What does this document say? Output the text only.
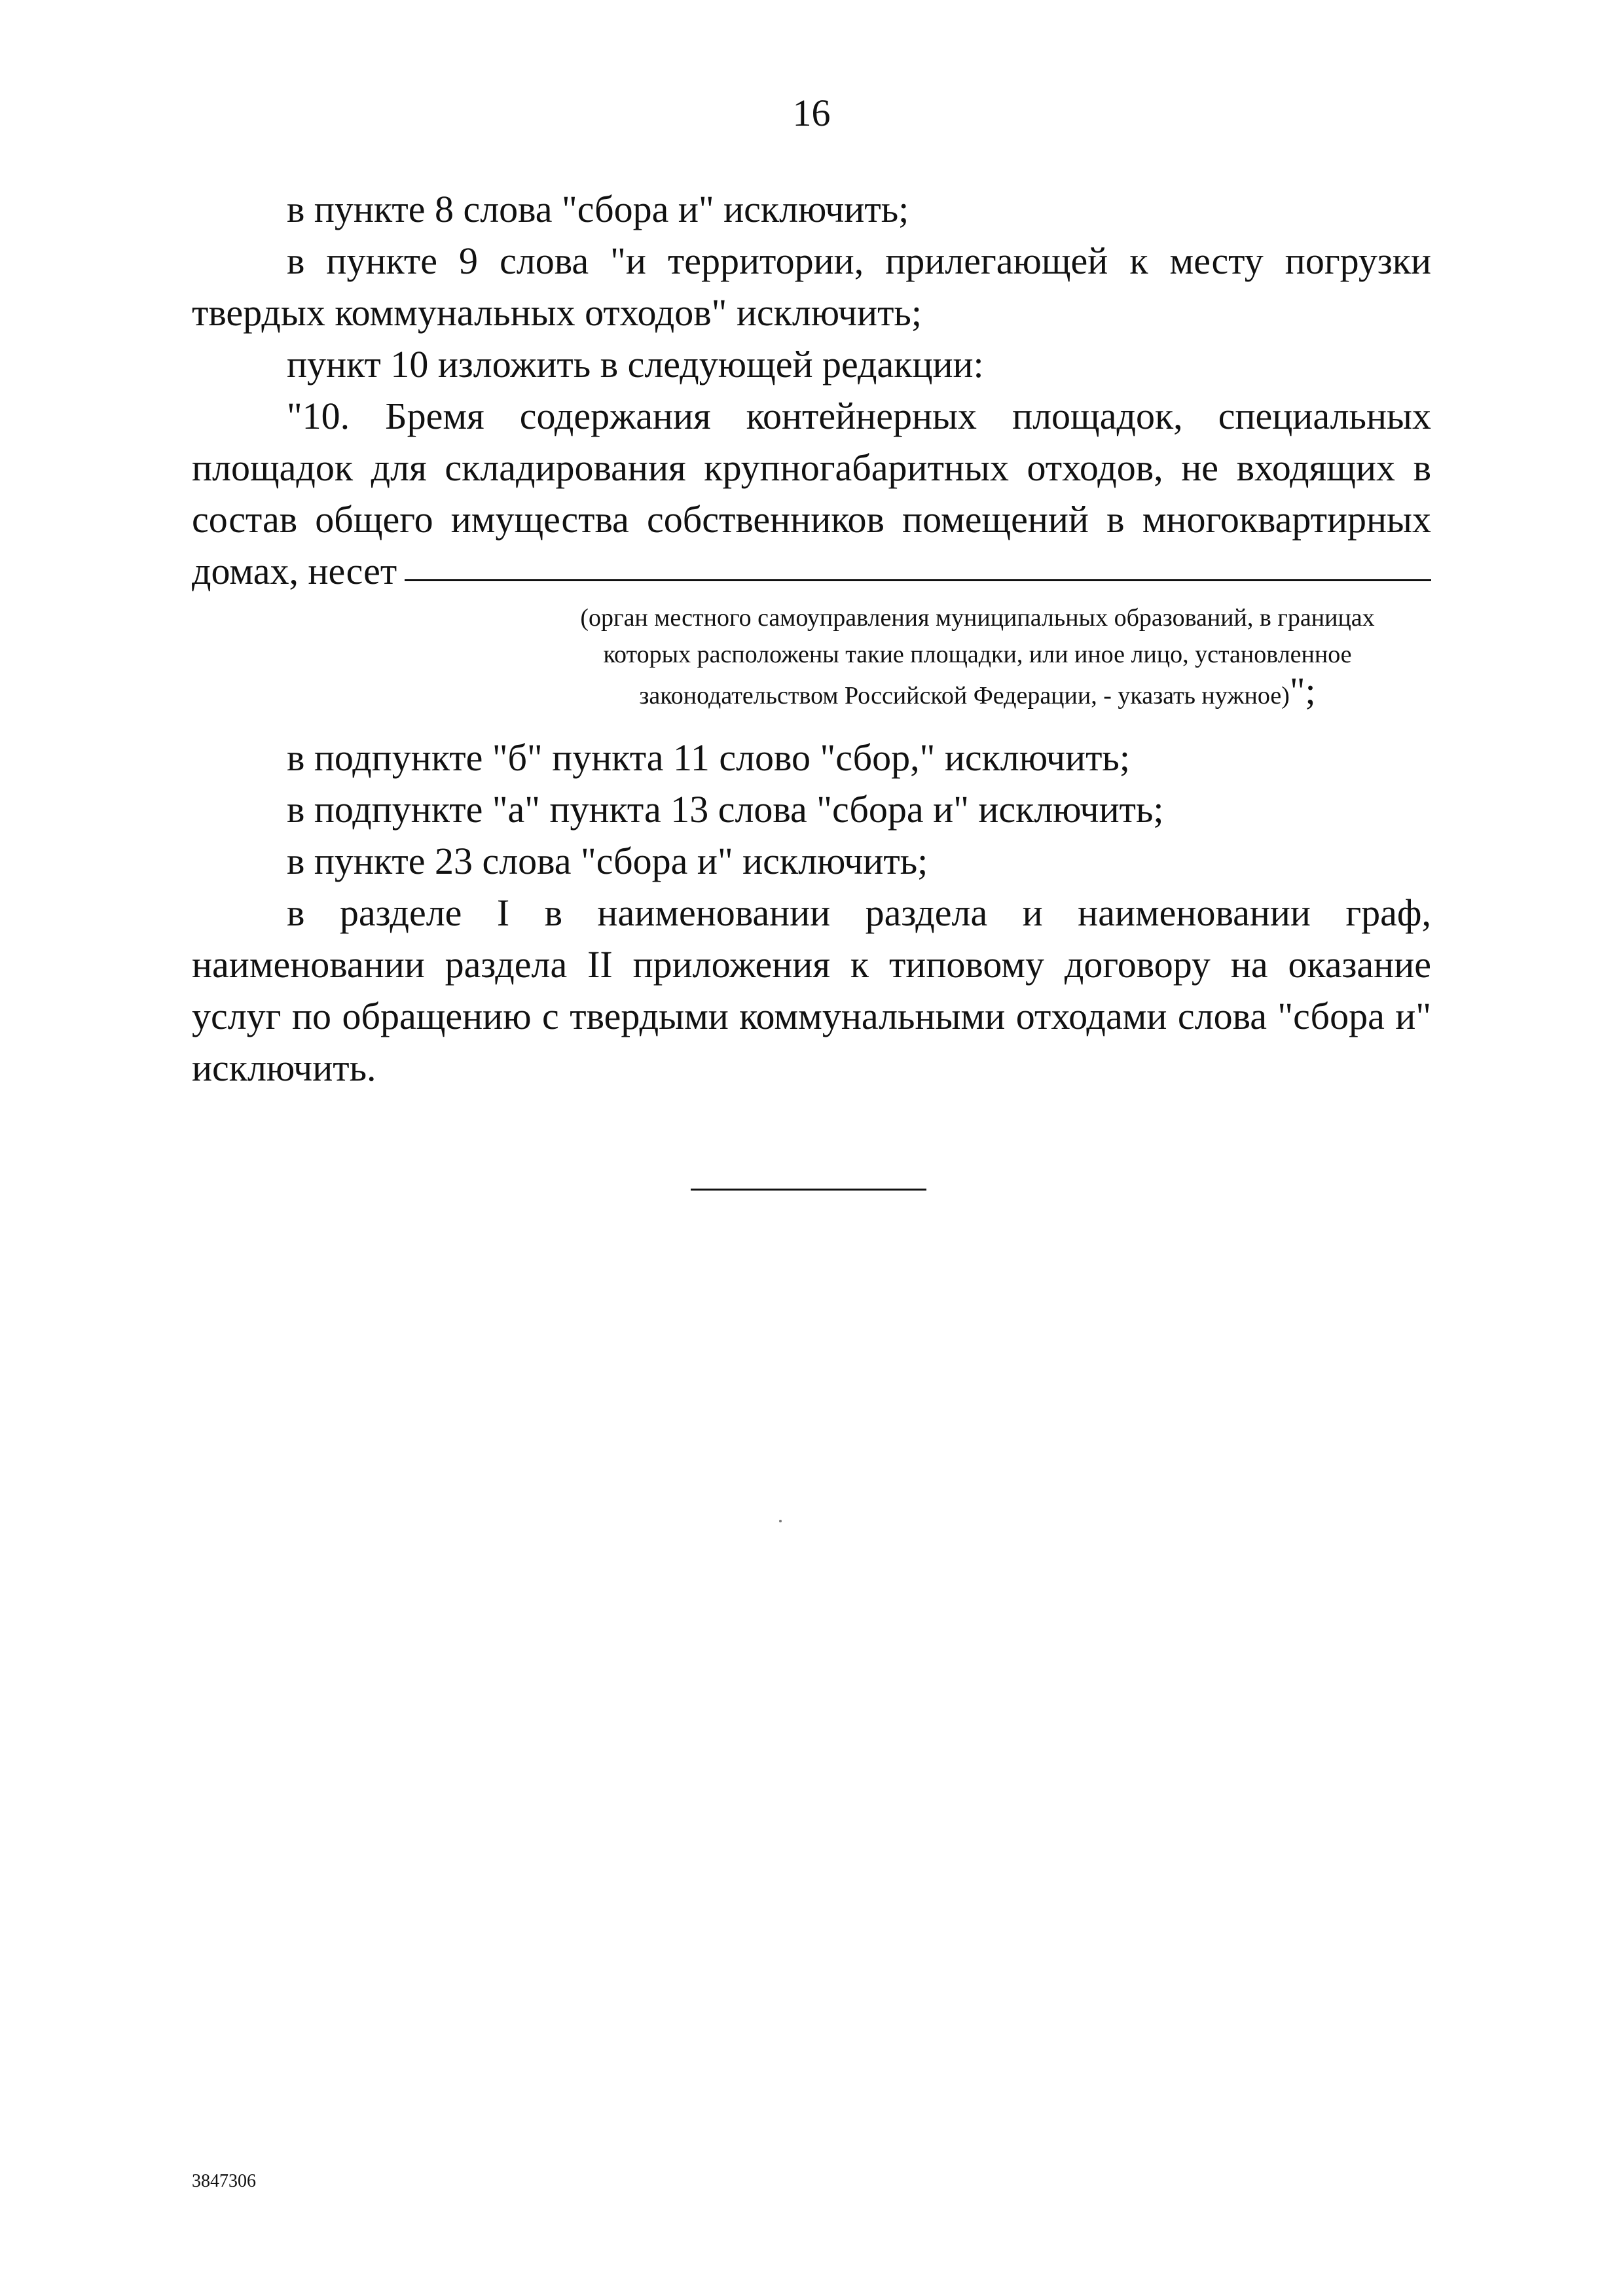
16

в пункте 8 слова "сбора и" исключить;

в пункте 9 слова "и территории, прилегающей к месту погрузки твердых коммунальных отходов" исключить;

пункт 10 изложить в следующей редакции:

"10. Бремя содержания контейнерных площадок, специальных площадок для складирования крупногабаритных отходов, не входящих в состав общего имущества собственников помещений в многоквартирных

домах, несет
(орган местного самоуправления муниципальных образований, в границах
которых расположены такие площадки, или иное лицо, установленное
законодательством Российской Федерации, - указать нужное)";

в подпункте "б" пункта 11 слово "сбор," исключить;

в подпункте "а" пункта 13 слова "сбора и" исключить;

в пункте 23 слова "сбора и" исключить;

в разделе I в наименовании раздела и наименовании граф, наименовании раздела II приложения к типовому договору на оказание услуг по обращению с твердыми коммунальными отходами слова "сбора и" исключить.

3847306
